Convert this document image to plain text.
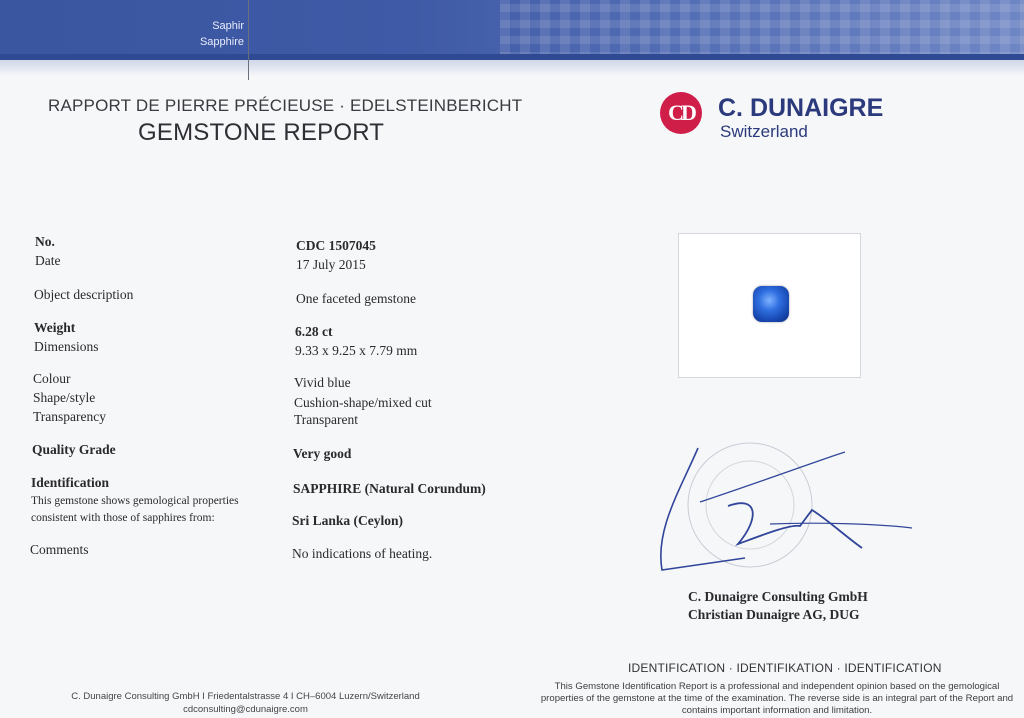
Saphir
Sapphire
RAPPORT DE PIERRE PRÉCIEUSE · EDELSTEINBERICHT
GEMSTONE REPORT
CD C. DUNAIGRE
Switzerland
No.
Date
Object description
Weight
Dimensions
Colour
Shape/style
Transparency
Quality Grade
Identification
This gemstone shows gemological properties
consistent with those of sapphires from:
Comments
CDC 1507045
17 July 2015
One faceted gemstone
6.28 ct
9.33 x 9.25 x 7.79 mm
Vivid blue
Cushion-shape/mixed cut
Transparent
Very good
SAPPHIRE (Natural Corundum)
Sri Lanka (Ceylon)
No indications of heating.
C. Dunaigre Consulting GmbH
Christian Dunaigre AG, DUG
C. Dunaigre Consulting GmbH I Friedentalstrasse 4 I CH–6004 Luzern/Switzerland
cdconsulting@cdunaigre.com
IDENTIFICATION · IDENTIFIKATION · IDENTIFICATION
This Gemstone Identification Report is a professional and independent opinion based on the gemological properties of the gemstone at the time of the examination. The reverse side is an integral part of the Report and contains important information and limitation.
